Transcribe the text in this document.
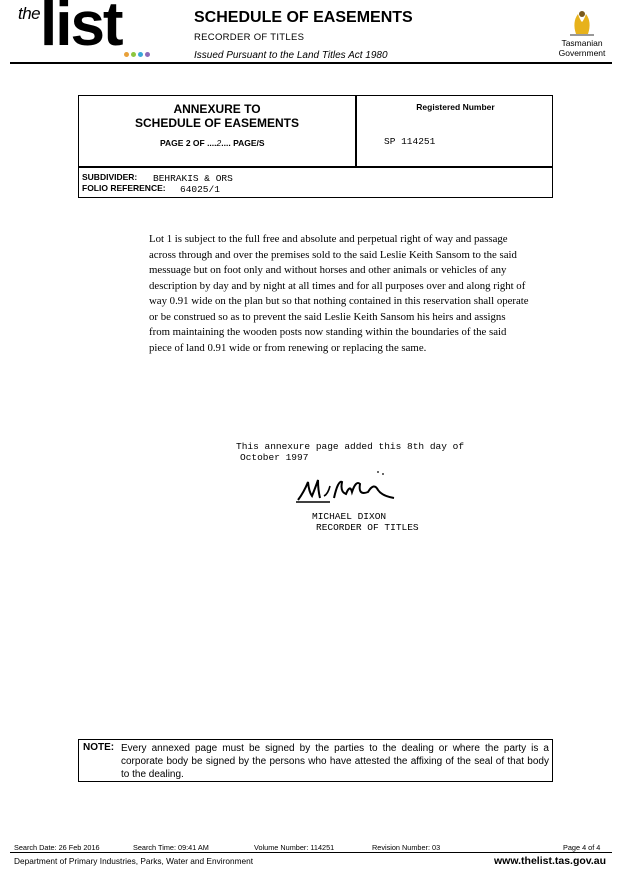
the list	SCHEDULE OF EASEMENTS
RECORDER OF TITLES
Issued Pursuant to the Land Titles Act 1980
Tasmanian
Government
ANNEXURE TO
SCHEDULE OF EASEMENTS
PAGE 2 OF ....2.... PAGE/S
Registered Number
SP 114251
SUBDIVIDER: BEHRAKIS & ORS
FOLIO REFERENCE: 64025/1
Lot 1 is subject to the full free and absolute and perpetual right of way and passage across through and over the premises sold to the said Leslie Keith Sansom to the said messuage but on foot only and without horses and other animals or vehicles of any description by day and by night at all times and for all purposes over and along right of way 0.91 wide on the plan but so that nothing contained in this reservation shall operate or be construed so as to prevent the said Leslie Keith Sansom his heirs and assigns from maintaining the wooden posts now standing within the boundaries of the said piece of land 0.91 wide or from renewing or replacing the same.
This annexure page added this 8th day of
October 1997
MICHAEL DIXON
RECORDER OF TITLES
NOTE: Every annexed page must be signed by the parties to the dealing or where the party is a corporate body be signed by the persons who have attested the affixing of the seal of that body to the dealing.
Search Date: 26 Feb 2016	Search Time: 09:41 AM	Volume Number: 114251	Revision Number: 03	Page 4 of 4
Department of Primary Industries, Parks, Water and Environment	www.thelist.tas.gov.au
